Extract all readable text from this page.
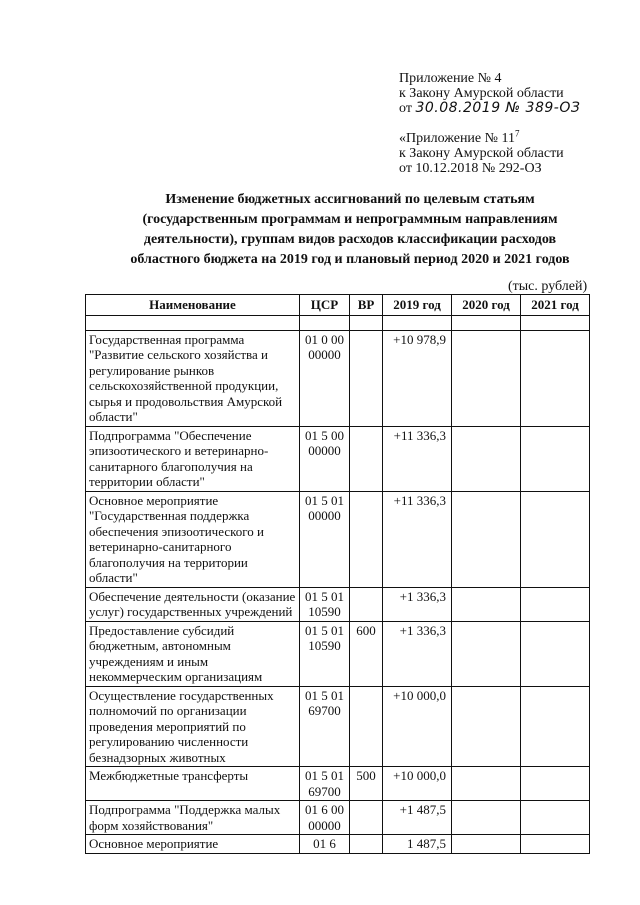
Приложение № 4
к Закону Амурской области
от 30.08.2019 № 389-ОЗ
«Приложение № $11^7$
к Закону Амурской области
от 10.12.2018 № 292-ОЗ
Изменение бюджетных ассигнований по целевым статьям
(государственным программам и непрограммным направлениям
деятельности), группам видов расходов классификации расходов
областного бюджета на 2019 год и плановый период 2020 и 2021 годов
(тыс. рублей)
Наименование	ЦСР	ВР	2019 год	2020 год	2021 год

Государственная программа "Развитие сельского хозяйства и регулирование рынков сельскохозяйственной продукции, сырья и продовольствия Амурской области"	01 0 00 00000		+10 978,9		
Подпрограмма "Обеспечение эпизоотического и ветеринарно-санитарного благополучия на территории области"	01 5 00 00000		+11 336,3		
Основное мероприятие "Государственная поддержка обеспечения эпизоотического и ветеринарно-санитарного благополучия на территории области"	01 5 01 00000		+11 336,3		
Обеспечение деятельности (оказание услуг) государственных учреждений	01 5 01 10590		+1 336,3		
Предоставление субсидий бюджетным, автономным учреждениям и иным некоммерческим организациям	01 5 01 10590	600	+1 336,3		
Осуществление государственных полномочий по организации проведения мероприятий по регулированию численности безнадзорных животных	01 5 01 69700		+10 000,0		
Межбюджетные трансферты	01 5 01 69700	500	+10 000,0		
Подпрограмма "Поддержка малых форм хозяйствования"	01 6 00 00000		+1 487,5		
Основное мероприятие	01 6		1 487,5		
